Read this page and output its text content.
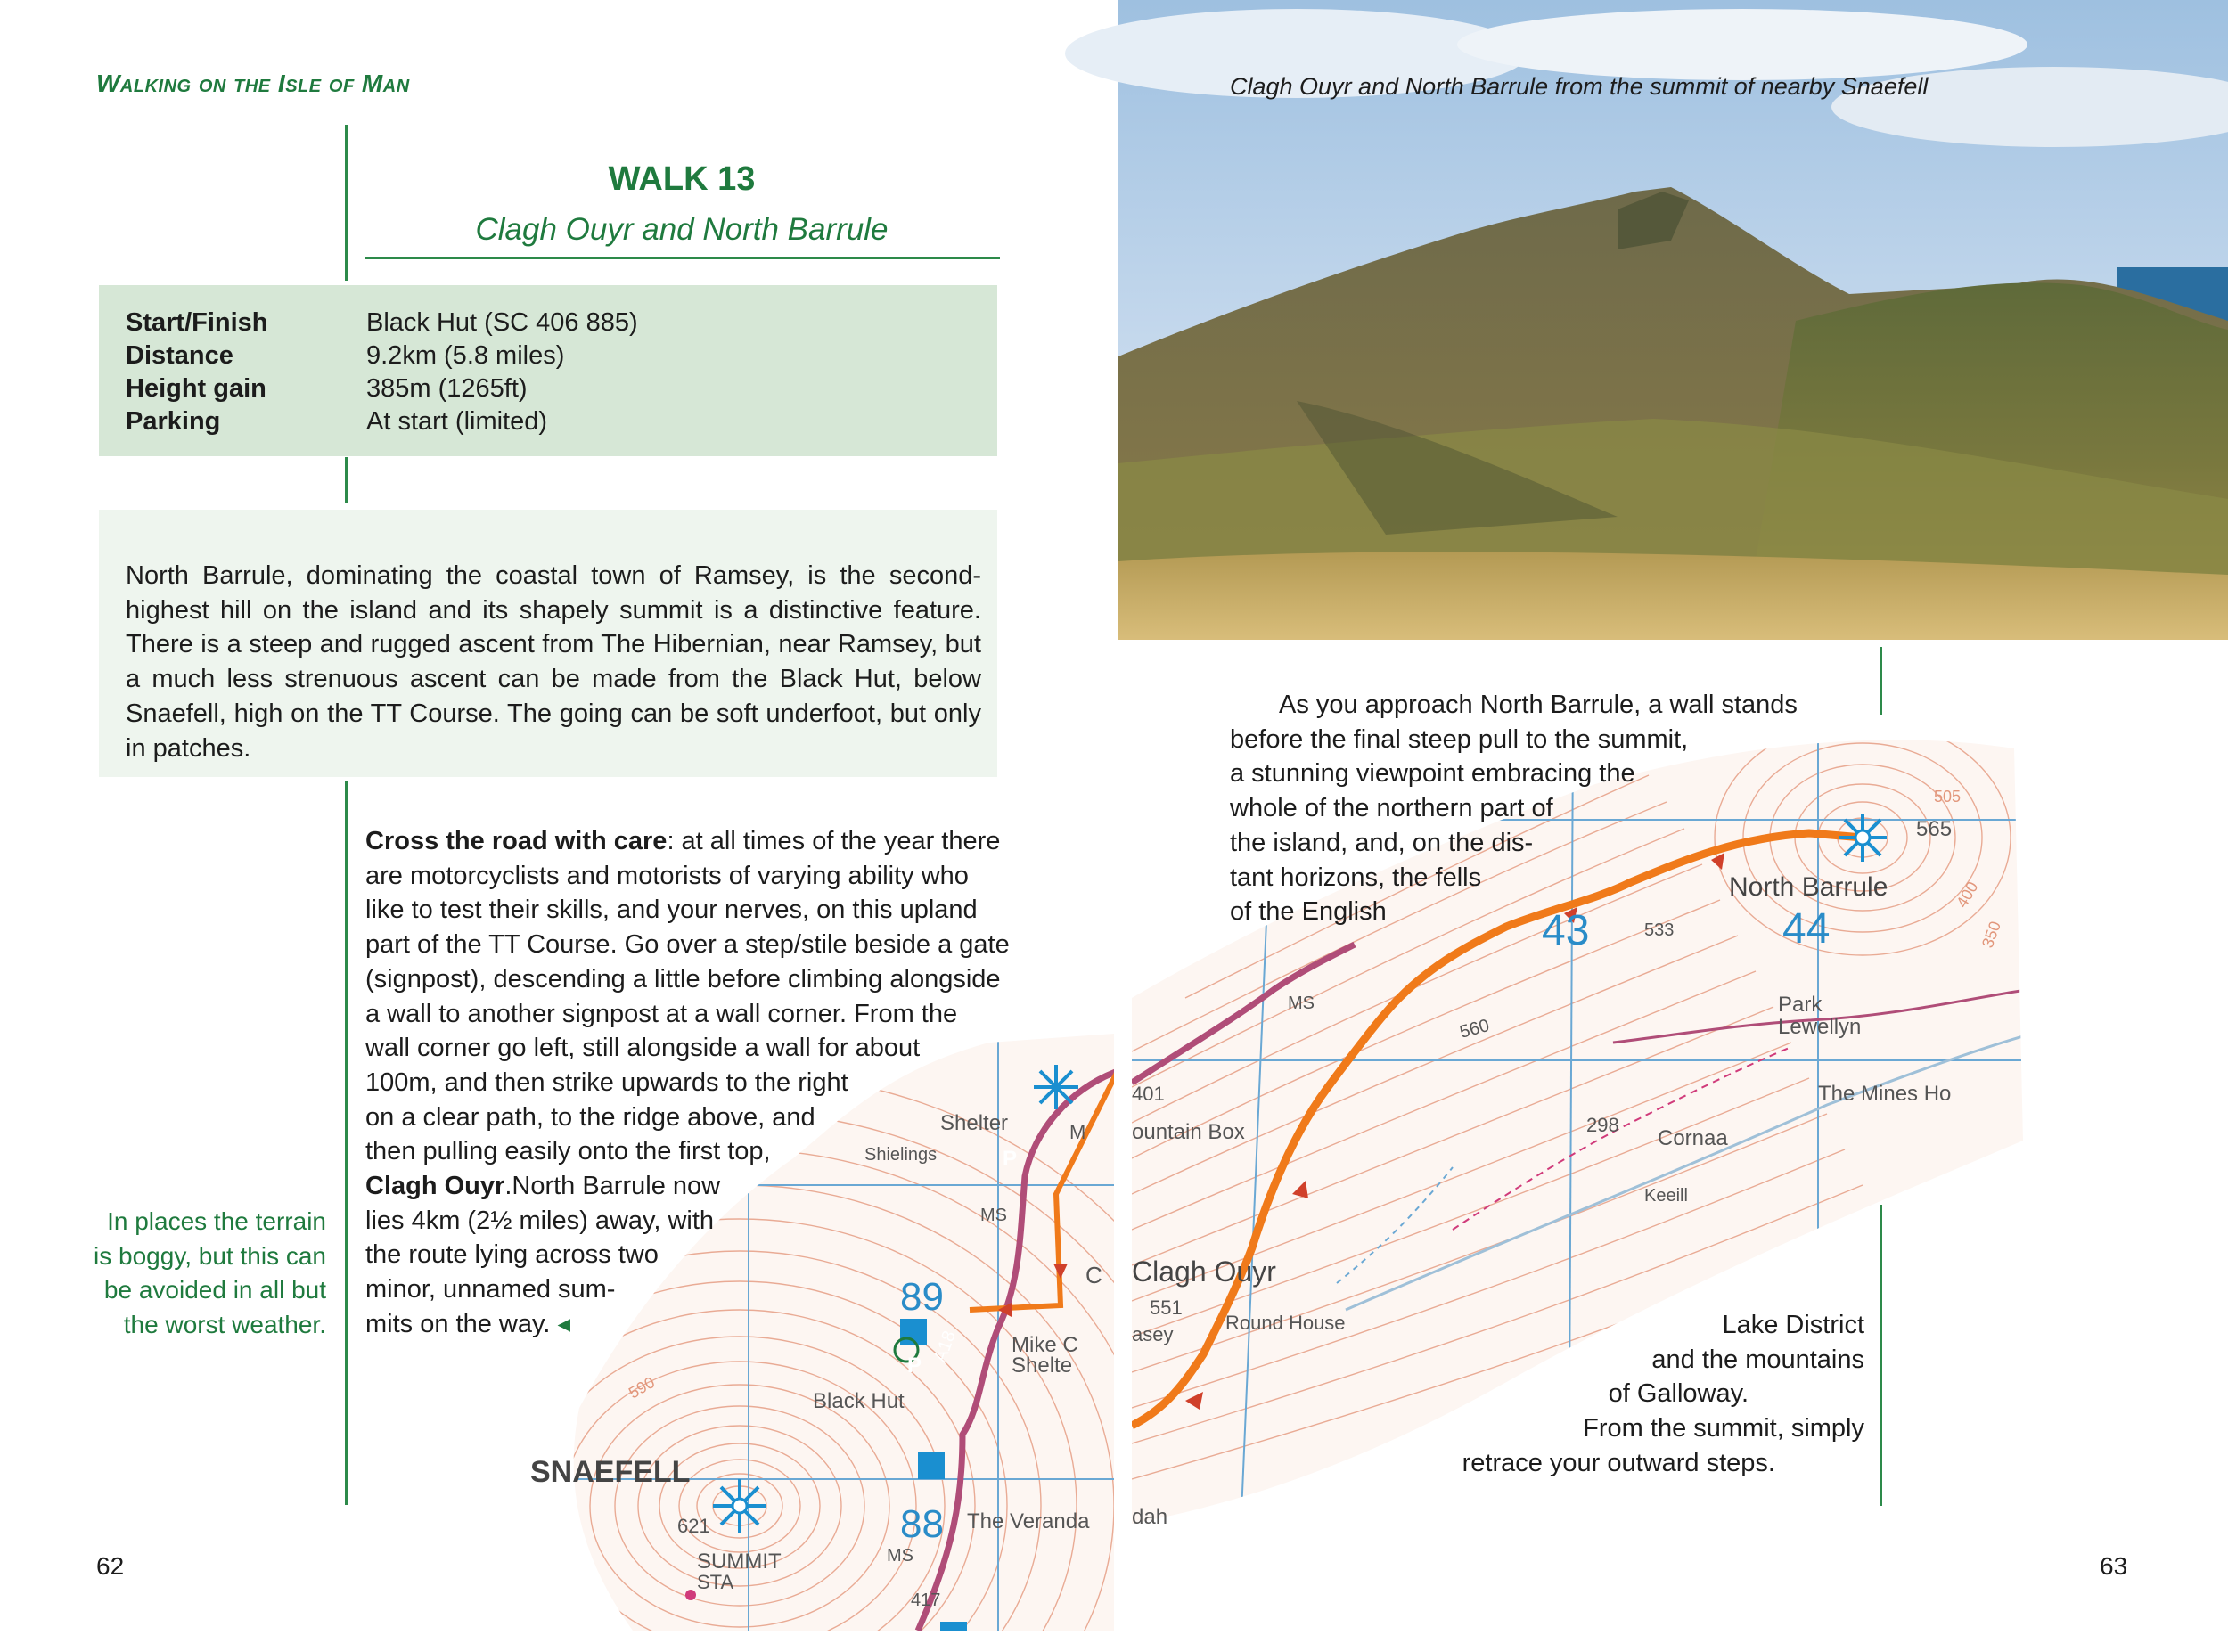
Walking on the Isle of Man
WALK 13
Clagh Ouyr and North Barrule
Start/Finish	Black Hut (SC 406 885)
Distance	9.2km (5.8 miles)
Height gain	385m (1265ft)
Parking	At start (limited)

North Barrule, dominating the coastal town of Ramsey, is the second-highest hill on the island and its shapely summit is a distinctive feature. There is a steep and rugged ascent from The Hibernian, near Ramsey, but a much less strenuous ascent can be made from the Black Hut, below Snaefell, high on the TT Course. The going can be soft underfoot, but only in patches.

SNAEFELL
621
SUMMIT
STA
MS
417
88
89
The Veranda
Black Hut
Mike C
Shelte
Shelter
Shielings
MS
A18
590
M
C
P
P
P
Cross the road with care: at all times of the year there
are motorcyclists and motorists of varying ability who
like to test their skills, and your nerves, on this upland
part of the TT Course. Go over a step/stile beside a gate
(signpost), descending a little before climbing alongside
a wall to another signpost at a wall corner. From the
wall corner go left, still alongside a wall for about
100m, and then strike upwards to the right
on a clear path, to the ridge above, and
then pulling easily onto the first top,
Clagh Ouyr.North Barrule now
lies 4km (2½ miles) away, with
the route lying across two
minor, unnamed sum-
mits on the way. ◂
In places the terrain
is boggy, but this can
be avoided in all but
the worst weather.
62
Clagh Ouyr and North Barrule from the summit of nearby Snaefell
401
ountain Box
MS
Clagh Ouyr
551
asey
Round House
560
43	533	44
North Barrule
565
Park
Lewellyn
The Mines Ho
298
Cornaa
Keeill
dah
505
400
350
As you approach North Barrule, a wall stands
before the final steep pull to the summit,
a stunning viewpoint embracing the
whole of the northern part of
the island, and, on the dis-
tant horizons, the fells
of the English
Lake District
and the mountains
of Galloway.
From the summit, simply
retrace your outward steps.
63
